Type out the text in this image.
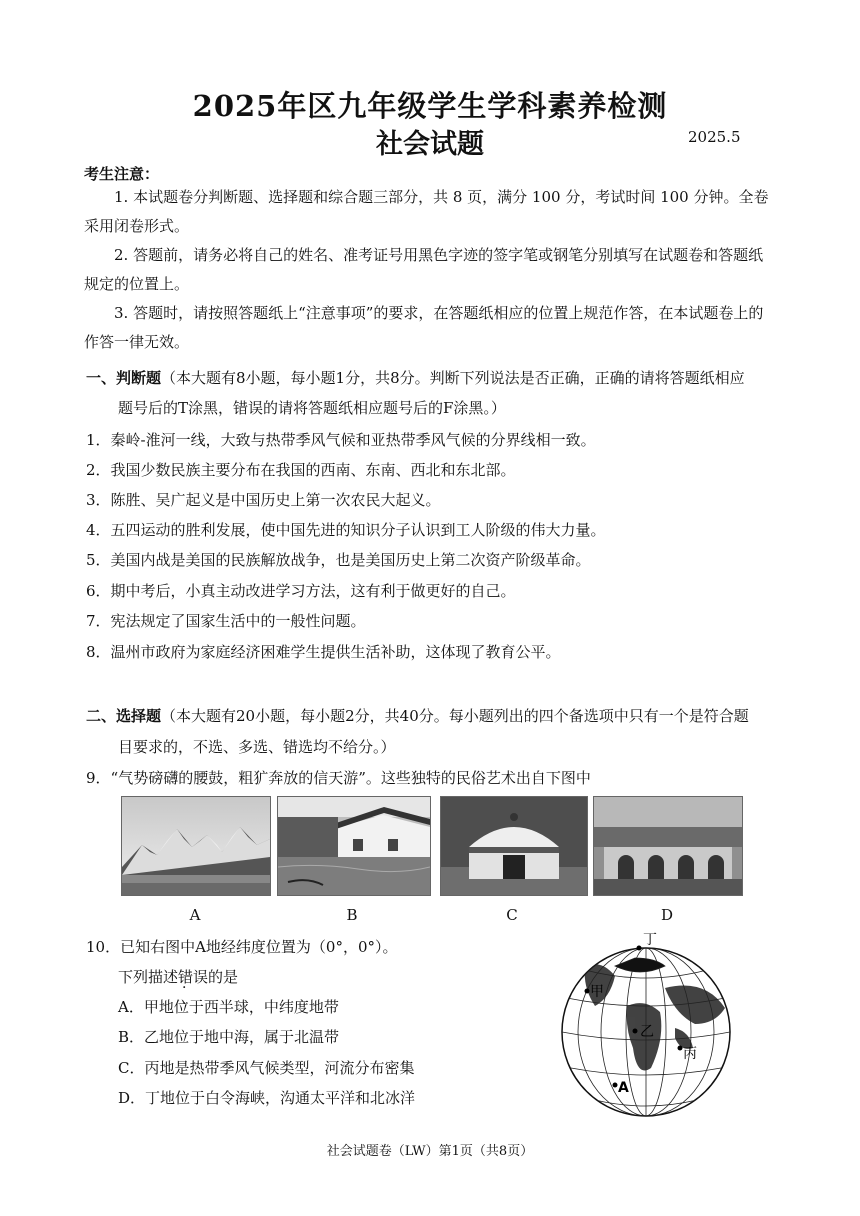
2025年区九年级学生学科素养检测
社会试题	2025.5
考生注意：
1. 本试题卷分判断题、选择题和综合题三部分，共 8 页，满分 100 分，考试时间 100 分钟。全卷采用闭卷形式。
2. 答题前，请务必将自己的姓名、准考证号用黑色字迹的签字笔或钢笔分别填写在试题卷和答题纸规定的位置上。
3. 答题时，请按照答题纸上“注意事项”的要求，在答题纸相应的位置上规范作答，在本试题卷上的作答一律无效。
一、判断题（本大题有8小题，每小题1分，共8分。判断下列说法是否正确，正确的请将答题纸相应
题号后的T涂黑，错误的请将答题纸相应题号后的F涂黑。）
1．秦岭-淮河一线，大致与热带季风气候和亚热带季风气候的分界线相一致。
2．我国少数民族主要分布在我国的西南、东南、西北和东北部。
3．陈胜、吴广起义是中国历史上第一次农民大起义。
4．五四运动的胜利发展，使中国先进的知识分子认识到工人阶级的伟大力量。
5．美国内战是美国的民族解放战争，也是美国历史上第二次资产阶级革命。
6．期中考后，小真主动改进学习方法，这有利于做更好的自己。
7．宪法规定了国家生活中的一般性问题。
8．温州市政府为家庭经济困难学生提供生活补助，这体现了教育公平。
二、选择题（本大题有20小题，每小题2分，共40分。每小题列出的四个备选项中只有一个是符合题
目要求的，不选、多选、错选均不给分。）
9．“气势磅礴的腰鼓，粗犷奔放的信天游”。这些独特的民俗艺术出自下图中
A	B	C	D
10．已知右图中A地经纬度位置为（0°，0°）。
下列描述错误 · ·的是
A．甲地位于西半球，中纬度地带
B．乙地位于地中海，属于北温带
C．丙地是热带季风气候类型，河流分布密集
D．丁地位于白令海峡，沟通太平洋和北冰洋
丁
甲
乙
丙
A
社会试题卷（LW）第1页（共8页）
